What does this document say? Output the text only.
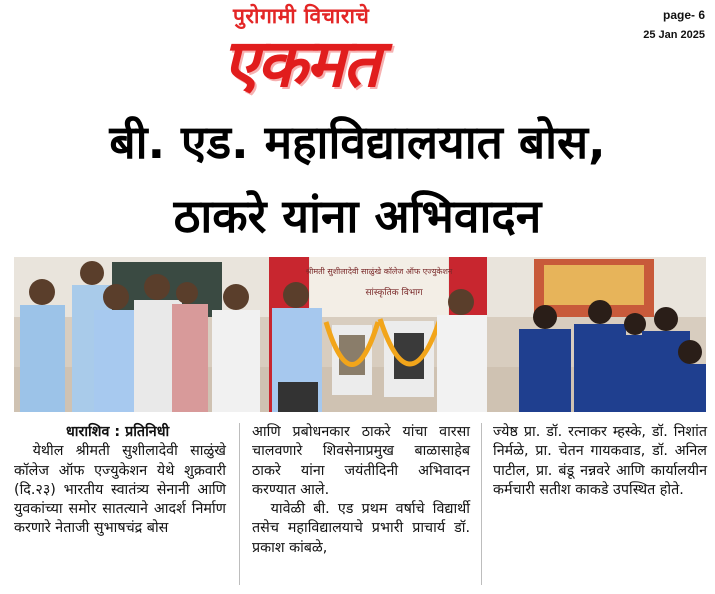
पुरोगामी विचाराचे
एकमत
page- 6
25 Jan 2025
बी. एड. महाविद्यालयात बोस,
ठाकरे यांना अभिवादन
श्रीमती सुशीलादेवी साळुंखे कॉलेज ऑफ एज्युकेशन
सांस्कृतिक विभाग

धाराशिव : प्रतिनिधी

येथील श्रीमती सुशीलादेवी साळुंखे कॉलेज ऑफ एज्युकेशन येथे शुक्रवारी (दि.२३) भारतीय स्वातंत्र्य सेनानी आणि युवकांच्या समोर सातत्याने आदर्श निर्माण करणारे नेताजी सुभाषचंद्र बोस

आणि प्रबोधनकार ठाकरे यांचा वारसा चालवणारे शिवसेनाप्रमुख बाळासाहेब ठाकरे यांना जयंतीदिनी अभिवादन करण्यात आले.

यावेळी बी. एड प्रथम वर्षाचे विद्यार्थी तसेच महाविद्यालयाचे प्रभारी प्राचार्य डॉ. प्रकाश कांबळे,

ज्येष्ठ प्रा. डॉ. रत्नाकर म्हस्के, डॉ. निशांत निर्मळे, प्रा. चेतन गायकवाड, डॉ. अनिल पाटील, प्रा. बंडू नन्नवरे आणि कार्यालयीन कर्मचारी सतीश काकडे उपस्थित होते.
